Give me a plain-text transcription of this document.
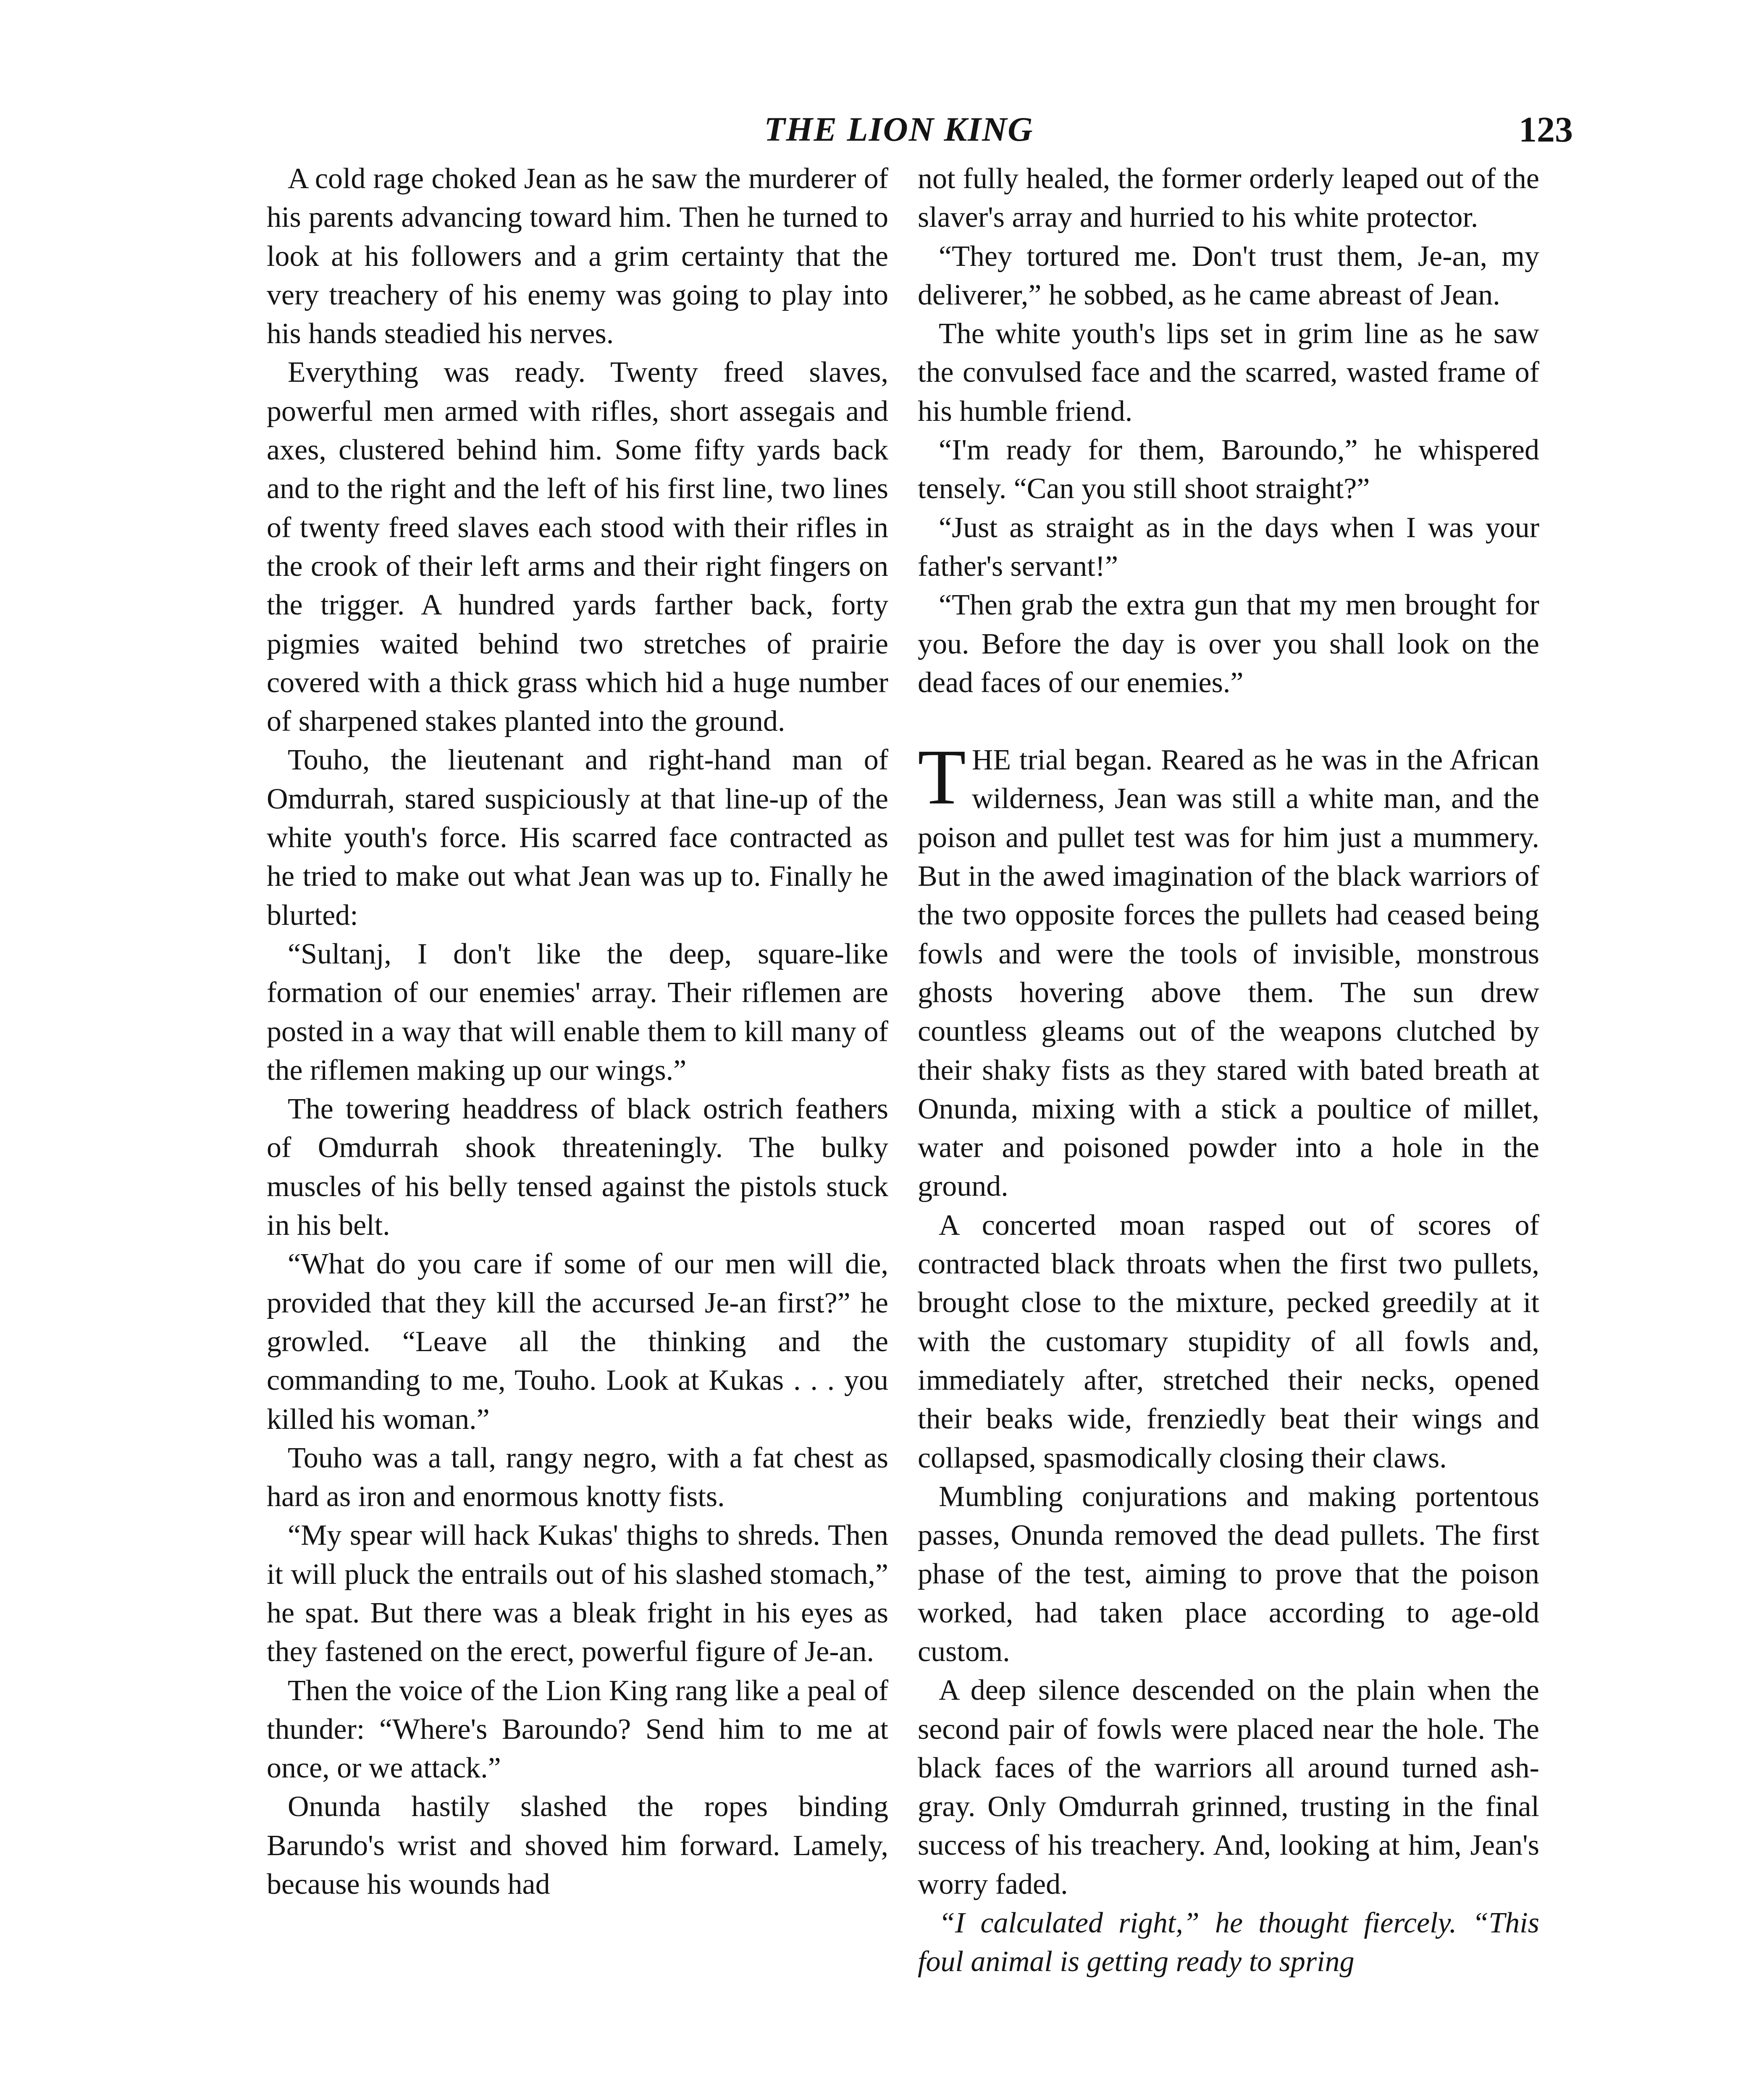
THE LION KING	123

A cold rage choked Jean as he saw the murderer of his parents advancing toward him. Then he turned to look at his followers and a grim certainty that the very treachery of his enemy was going to play into his hands steadied his nerves.

Everything was ready. Twenty freed slaves, powerful men armed with rifles, short assegais and axes, clustered behind him. Some fifty yards back and to the right and the left of his first line, two lines of twenty freed slaves each stood with their rifles in the crook of their left arms and their right fingers on the trigger. A hundred yards farther back, forty pigmies waited behind two stretches of prairie covered with a thick grass which hid a huge number of sharpened stakes planted into the ground.

Touho, the lieutenant and right-hand man of Omdurrah, stared suspiciously at that line-up of the white youth's force. His scarred face contracted as he tried to make out what Jean was up to. Finally he blurted:

“Sultanj, I don't like the deep, square-like formation of our enemies' array. Their riflemen are posted in a way that will enable them to kill many of the riflemen making up our wings.”

The towering headdress of black ostrich feathers of Omdurrah shook threateningly. The bulky muscles of his belly tensed against the pistols stuck in his belt.

“What do you care if some of our men will die, provided that they kill the accursed Je-an first?” he growled. “Leave all the thinking and the commanding to me, Touho. Look at Kukas . . . you killed his woman.”

Touho was a tall, rangy negro, with a fat chest as hard as iron and enormous knotty fists.

“My spear will hack Kukas' thighs to shreds. Then it will pluck the entrails out of his slashed stomach,” he spat. But there was a bleak fright in his eyes as they fastened on the erect, powerful figure of Je-an.

Then the voice of the Lion King rang like a peal of thunder: “Where's Baroundo? Send him to me at once, or we attack.”

Onunda hastily slashed the ropes binding Barundo's wrist and shoved him forward. Lamely, because his wounds had

not fully healed, the former orderly leaped out of the slaver's array and hurried to his white protector.

“They tortured me. Don't trust them, Je-an, my deliverer,” he sobbed, as he came abreast of Jean.

The white youth's lips set in grim line as he saw the convulsed face and the scarred, wasted frame of his humble friend.

“I'm ready for them, Baroundo,” he whispered tensely. “Can you still shoot straight?”

“Just as straight as in the days when I was your father's servant!”

“Then grab the extra gun that my men brought for you. Before the day is over you shall look on the dead faces of our enemies.”

THE trial began. Reared as he was in the African wilderness, Jean was still a white man, and the poison and pullet test was for him just a mummery. But in the awed imagination of the black warriors of the two opposite forces the pullets had ceased being fowls and were the tools of invisible, monstrous ghosts hovering above them. The sun drew countless gleams out of the weapons clutched by their shaky fists as they stared with bated breath at Onunda, mixing with a stick a poultice of millet, water and poisoned powder into a hole in the ground.

A concerted moan rasped out of scores of contracted black throats when the first two pullets, brought close to the mixture, pecked greedily at it with the customary stupidity of all fowls and, immediately after, stretched their necks, opened their beaks wide, frenziedly beat their wings and collapsed, spasmodically closing their claws.

Mumbling conjurations and making portentous passes, Onunda removed the dead pullets. The first phase of the test, aiming to prove that the poison worked, had taken place according to age-old custom.

A deep silence descended on the plain when the second pair of fowls were placed near the hole. The black faces of the warriors all around turned ash-gray. Only Omdurrah grinned, trusting in the final success of his treachery. And, looking at him, Jean's worry faded.

“I calculated right,” he thought fiercely. “This foul animal is getting ready to spring
